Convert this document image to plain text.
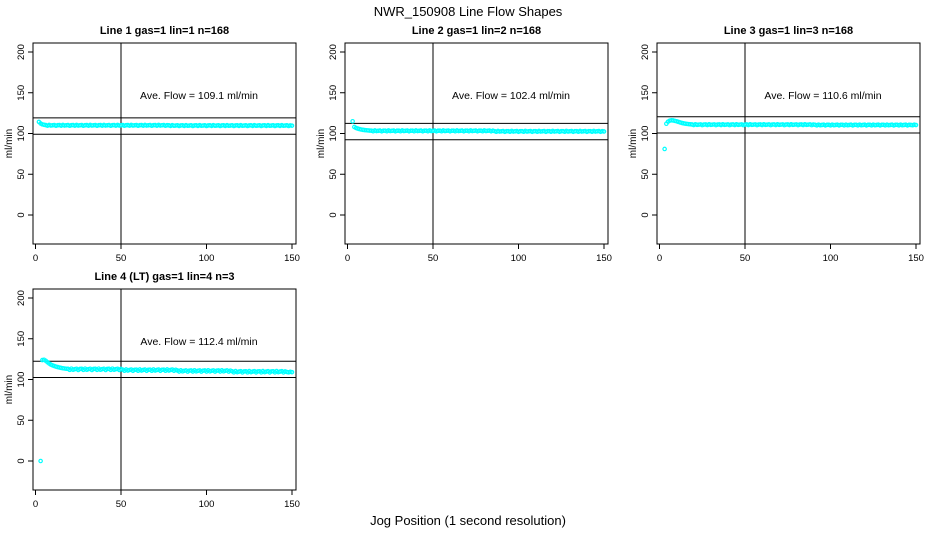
NWR_150908 Line Flow Shapes
Line 1 gas=1 lin=1 n=168
0	50	100	150
0
50
100
150
200
ml/min
Ave. Flow = 109.1 ml/min
Line 2 gas=1 lin=2 n=168
0	50	100	150
0
50
100
150
200
ml/min
Ave. Flow = 102.4 ml/min
Line 3 gas=1 lin=3 n=168
0	50	100	150
0
50
100
150
200
ml/min
Ave. Flow = 110.6 ml/min
Line 4 (LT) gas=1 lin=4 n=3
0	50	100	150
0
50
100
150
200
ml/min
Ave. Flow = 112.4 ml/min
Jog Position (1 second resolution)
